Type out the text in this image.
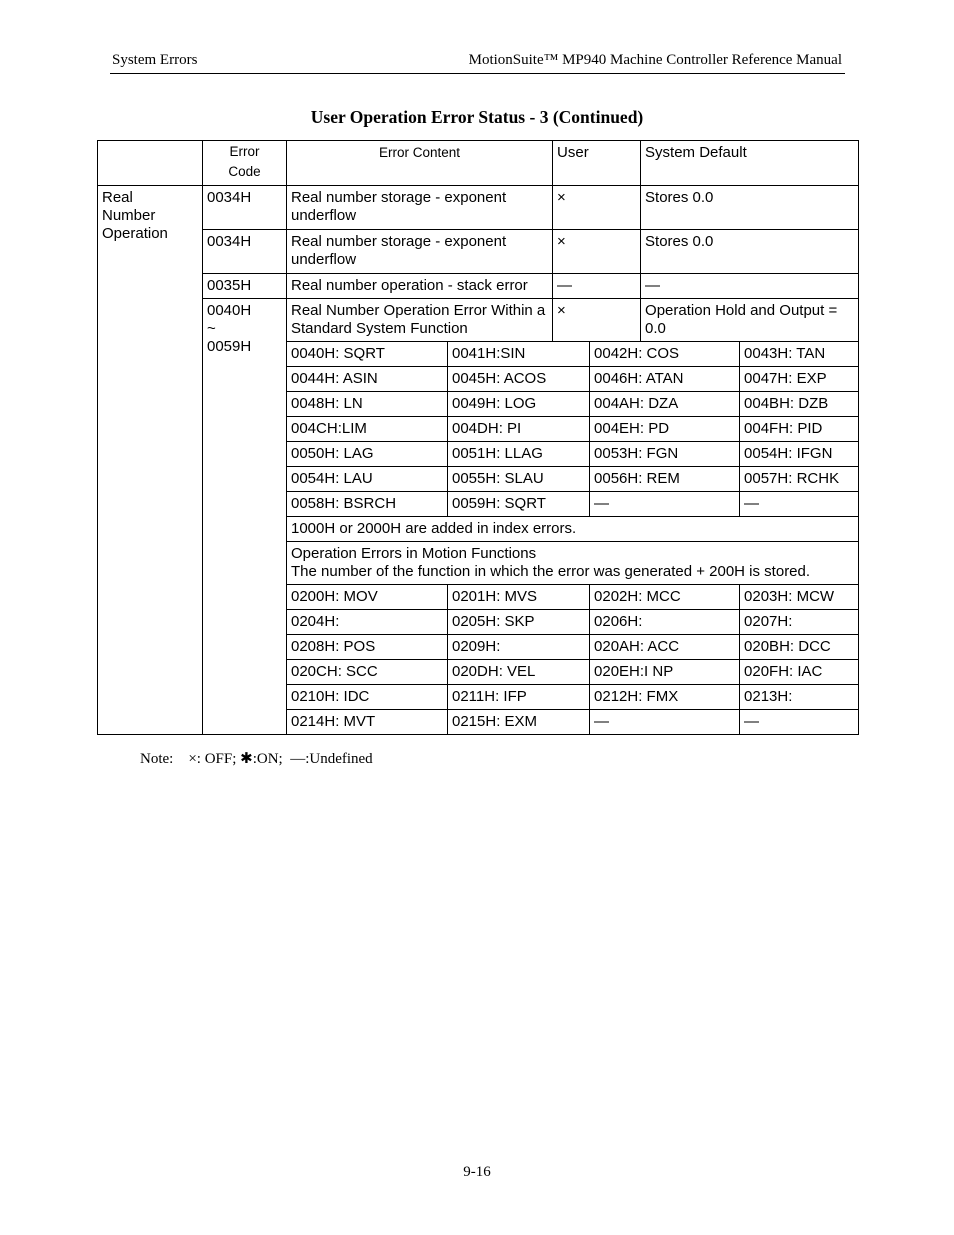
System Errors	MotionSuite™ MP940 Machine Controller Reference Manual
User Operation Error Status - 3 (Continued)

	Error
Code	Error Content		User		System Default	

Real
Number
Operation	0034H	Real number storage - exponent underflow		×		Stores 0.0	
	0034H	Real number storage - exponent underflow		×		Stores 0.0	
	0035H	Real number operation - stack error		—		—	

	0040H
~
0059H	Real Number Operation Error Within a Standard System Function		×		Operation Hold and Output = 0.0	
		0040H: SQRT	0041H:SIN		0042H: COS		0043H: TAN
		0044H: ASIN	0045H: ACOS		0046H: ATAN		0047H: EXP
		0048H: LN	0049H: LOG		004AH: DZA		004BH: DZB
		004CH:LIM	004DH: PI		004EH: PD		004FH: PID
		0050H: LAG	0051H: LLAG		0053H: FGN		0054H: IFGN
		0054H: LAU	0055H: SLAU		0056H: REM		0057H: RCHK
		0058H: BSRCH	0059H: SQRT		—		—
		1000H or 2000H are added in index errors.					

		Operation Errors in Motion Functions
The number of the function in which the error was generated + 200H is stored.					

		0200H: MOV	0201H: MVS		0202H: MCC		0203H: MCW
		0204H:	0205H: SKP		0206H:		0207H:
		0208H: POS	0209H:		020AH: ACC		020BH: DCC
		020CH: SCC	020DH: VEL		020EH:I NP		020FH: IAC
		0210H: IDC	0211H: IFP		0212H: FMX		0213H:
		0214H: MVT	0215H: EXM		—		—
Note:    ×: OFF; ✱:ON;  —:Undefined
9-16
